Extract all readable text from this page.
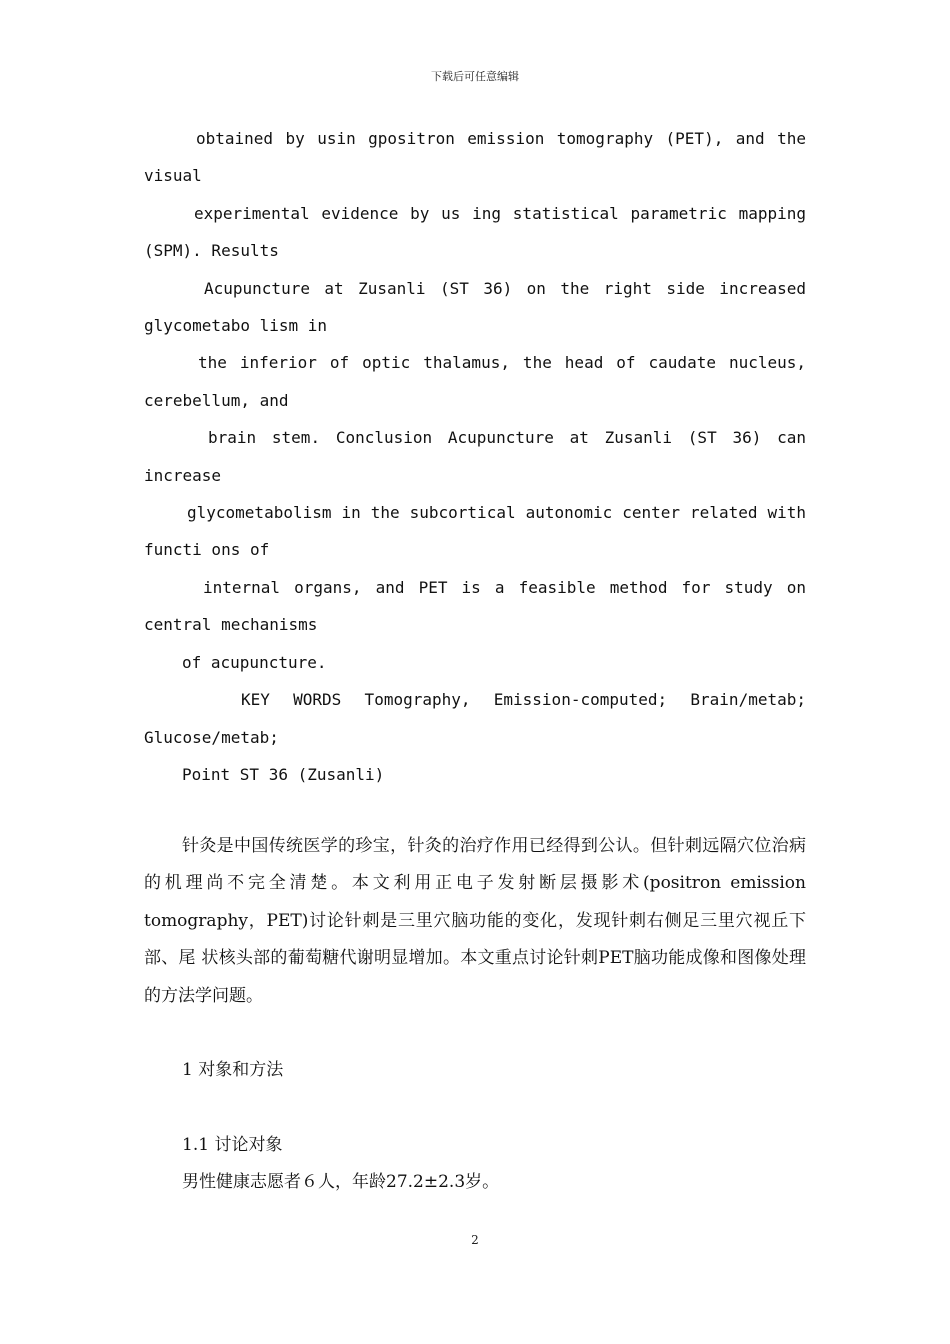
下载后可任意编辑

obtained by usin gpositron emission tomography (PET), and the visual

experimental evidence by us ing statistical parametric mapping (SPM). Results

Acupuncture at Zusanli (ST 36) on the right side increased glycometabo lism in

the inferior of optic thalamus, the head of caudate nucleus, cerebellum, and

brain stem. Conclusion Acupuncture at Zusanli (ST 36) can increase

glycometabolism in the subcortical autonomic center related with functi ons of

internal organs, and PET is a feasible method for study on central mechanisms

of acupuncture.

KEY WORDS Tomography, Emission-computed; Brain/metab; Glucose/metab;

Point ST 36 (Zusanli)

针灸是中国传统医学的珍宝，针灸的治疗作用已经得到公认。但针刺远隔穴位治病的机理尚不完全清楚。本文利用正电子发射断层摄影术(positron emission tomography，PET)讨论针刺是三里穴脑功能的变化，发现针刺右侧足三里穴视丘下部、尾 状核头部的葡萄糖代谢明显增加。本文重点讨论针刺PET脑功能成像和图像处理的方法学问题。

1 对象和方法
1.1 讨论对象
男性健康志愿者６人，年龄27.2±2.3岁。
2
